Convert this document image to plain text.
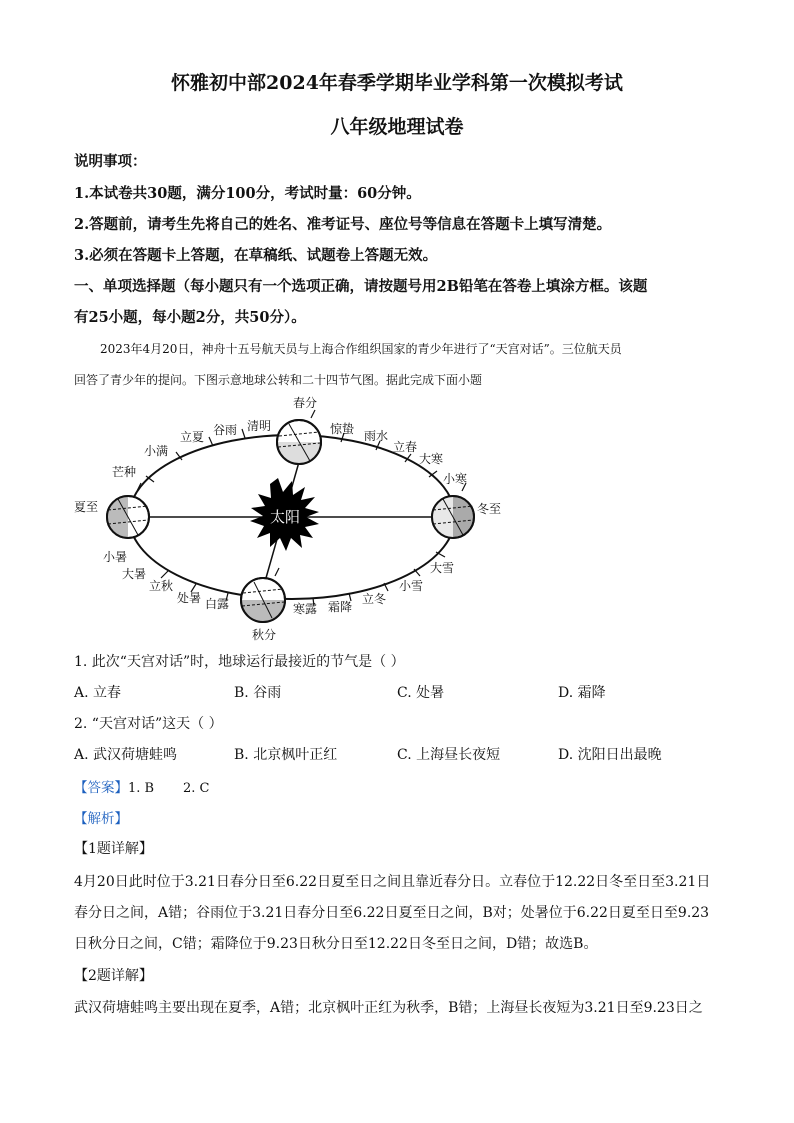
怀雅初中部2024年春季学期毕业学科第一次模拟考试
八年级地理试卷
说明事项：
1.本试卷共30题，满分100分，考试时量：60分钟。
2.答题前，请考生先将自己的姓名、准考证号、座位号等信息在答题卡上填写清楚。
3.必须在答题卡上答题，在草稿纸、试题卷上答题无效。
一、单项选择题（每小题只有一个选项正确，请按题号用2B铅笔在答卷上填涂方框。该题
有25小题，每小题2分，共50分）。
2023年4月20日，神舟十五号航天员与上海合作组织国家的青少年进行了“天宫对话”。三位航天员
回答了青少年的提问。下图示意地球公转和二十四节气图。据此完成下面小题
太阳
春分
惊蛰 雨水
立春
大寒
小寒
冬至
大雪
小雪
立冬
霜降
寒露
秋分
白露
处暑
立秋
大暑
小暑
夏至
芒种
小满
立夏 谷雨 清明
1. 此次“天宫对话”时，地球运行最接近的节气是（ ）
A. 立春	B. 谷雨	C. 处暑	D. 霜降
2. “天宫对话”这天（ ）
A. 武汉荷塘蛙鸣	B. 北京枫叶正红	C. 上海昼长夜短	D. 沈阳日出最晚
【答案】1. B       2. C
【解析】
【1题详解】
4月20日此时位于3.21日春分日至6.22日夏至日之间且靠近春分日。立春位于12.22日冬至日至3.21日
春分日之间，A错；谷雨位于3.21日春分日至6.22日夏至日之间，B对；处暑位于6.22日夏至日至9.23
日秋分日之间，C错；霜降位于9.23日秋分日至12.22日冬至日之间，D错；故选B。
【2题详解】
武汉荷塘蛙鸣主要出现在夏季，A错；北京枫叶正红为秋季，B错；上海昼长夜短为3.21日至9.23日之
